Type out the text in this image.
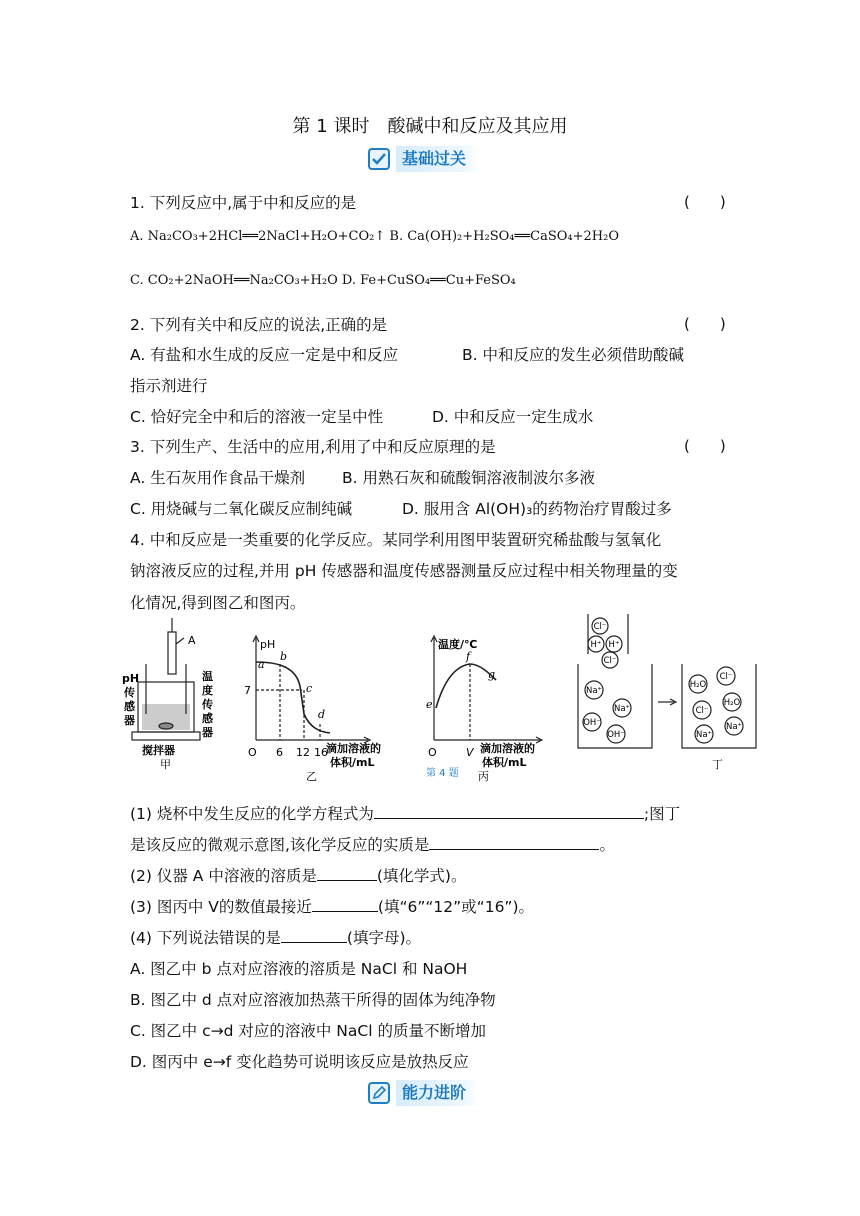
第 1 课时　酸碱中和反应及其应用
基础过关
1. 下列反应中,属于中和反应的是	(　　)
A. Na₂CO₃+2HCl══2NaCl+H₂O+CO₂↑ B. Ca(OH)₂+H₂SO₄══CaSO₄+2H₂O
C. CO₂+2NaOH══Na₂CO₃+H₂O D. Fe+CuSO₄══Cu+FeSO₄
2. 下列有关中和反应的说法,正确的是	(　　)
A. 有盐和水生成的反应一定是中和反应	B. 中和反应的发生必须借助酸碱
指示剂进行
C. 恰好完全中和后的溶液一定呈中性	D. 中和反应一定生成水
3. 下列生产、生活中的应用,利用了中和反应原理的是	(　　)
A. 生石灰用作食品干燥剂 B. 用熟石灰和硫酸铜溶液制波尔多液
C. 用烧碱与二氧化碳反应制纯碱	D. 服用含 Al(OH)₃的药物治疗胃酸过多
4. 中和反应是一类重要的化学反应。某同学利用图甲装置研究稀盐酸与氢氧化
钠溶液反应的过程,并用 pH 传感器和温度传感器测量反应过程中相关物理量的变
化情况,得到图乙和图丙。
A
pH
传
感
器
温
度
传
感
器
搅拌器
甲
pH
7
O 6 12 16
滴加溶液的
体积/mL
a
b
c
d
乙
温度/℃
O	V 滴加溶液的
体积/mL
e
f
g
丙
第 4 题
Cl⁻
H⁺ H⁺
Cl⁻
Na⁺
Na⁺
OH⁻
OH⁻
H₂O
Cl⁻
H₂O
Cl⁻
Na⁺
Na⁺
丁
(1) 烧杯中发生反应的化学方程式为	;图丁
是该反应的微观示意图,该化学反应的实质是	。
(2) 仪器 A 中溶液的溶质是	(填化学式)。
(3) 图丙中 V的数值最接近	(填“6”“12”或“16”)。
(4) 下列说法错误的是	(填字母)。
A. 图乙中 b 点对应溶液的溶质是 NaCl 和 NaOH
B. 图乙中 d 点对应溶液加热蒸干所得的固体为纯净物
C. 图乙中 c→d 对应的溶液中 NaCl 的质量不断增加
D. 图丙中 e→f 变化趋势可说明该反应是放热反应
能力进阶
